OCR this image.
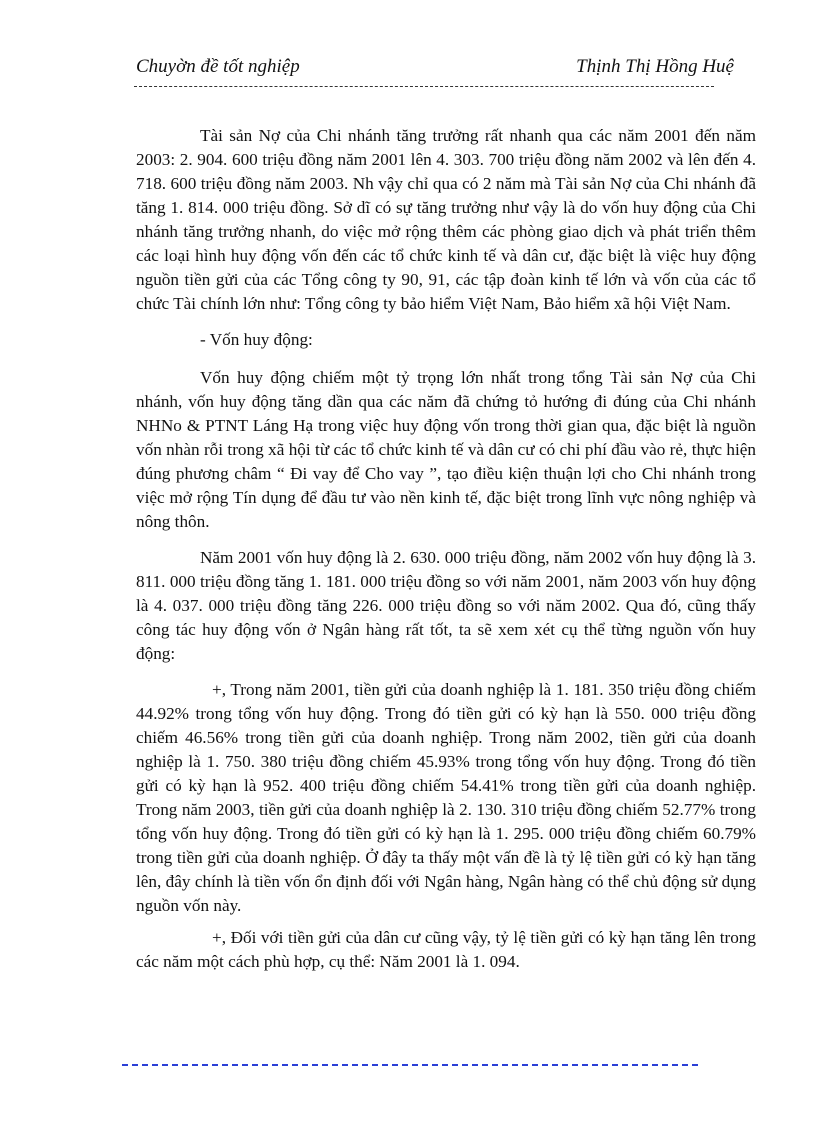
Chuyờn đề tốt nghiệp	Thịnh Thị Hồng Huệ

Tài sản Nợ của Chi nhánh tăng trưởng rất nhanh qua các năm 2001 đến năm 2003: 2. 904. 600 triệu đồng năm 2001 lên 4. 303. 700 triệu đồng năm 2002 và lên đến 4. 718. 600 triệu đồng năm 2003. Nh vậy chỉ qua có 2 năm mà Tài sản Nợ của Chi nhánh đã tăng 1. 814. 000 triệu đồng. Sở dĩ có sự tăng trưởng như vậy là do vốn huy động của Chi nhánh tăng trưởng nhanh, do việc mở rộng thêm các phòng giao dịch và phát triển thêm các loại hình huy động vốn đến các tổ chức kinh tế và dân cư, đặc biệt là việc huy động nguồn tiền gửi của các Tổng công ty 90, 91, các tập đoàn kinh tế lớn và vốn của các tổ chức Tài chính lớn như: Tổng công ty bảo hiểm Việt Nam, Bảo hiểm xã hội Việt Nam.

- Vốn huy động:

Vốn huy động chiếm một tỷ trọng lớn nhất trong tổng Tài sản Nợ của Chi nhánh, vốn huy động tăng dần qua các năm đã chứng tỏ hướng đi đúng của Chi nhánh NHNo & PTNT Láng Hạ trong việc huy động vốn trong thời gian qua, đặc biệt là nguồn vốn nhàn rỗi trong xã hội từ các tổ chức kinh tế và dân cư có chi phí đầu vào rẻ, thực hiện đúng phương châm “ Đi vay để Cho vay ”, tạo điều kiện thuận lợi cho Chi nhánh trong việc mở rộng Tín dụng để đầu tư vào nền kinh tế, đặc biệt trong lĩnh vực nông nghiệp và nông thôn.

Năm 2001 vốn huy động là 2. 630. 000 triệu đồng, năm 2002 vốn huy động là 3. 811. 000 triệu đồng tăng 1. 181. 000 triệu đồng so với năm 2001, năm 2003 vốn huy động là 4. 037. 000 triệu đồng tăng 226. 000 triệu đồng so với năm 2002. Qua đó, cũng thấy công tác huy động vốn ở Ngân hàng rất tốt, ta sẽ xem xét cụ thể từng nguồn vốn huy động:

+, Trong năm 2001, tiền gửi của doanh nghiệp là 1. 181. 350 triệu đồng chiếm 44.92% trong tổng vốn huy động. Trong đó tiền gửi có kỳ hạn là 550. 000 triệu đồng chiếm 46.56% trong tiền gửi của doanh nghiệp. Trong năm 2002, tiền gửi của doanh nghiệp là 1. 750. 380 triệu đồng chiếm 45.93% trong tổng vốn huy động. Trong đó tiền gửi có kỳ hạn là 952. 400 triệu đồng chiếm 54.41% trong tiền gửi của doanh nghiệp. Trong năm 2003, tiền gửi của doanh nghiệp là 2. 130. 310 triệu đồng chiếm 52.77% trong tổng vốn huy động. Trong đó tiền gửi có kỳ hạn là 1. 295. 000 triệu đồng chiếm 60.79% trong tiền gửi của doanh nghiệp. Ở đây ta thấy một vấn đề là tỷ lệ tiền gửi có kỳ hạn tăng lên, đây chính là tiền vốn ổn định đối với Ngân hàng, Ngân hàng có thể chủ động sử dụng nguồn vốn này.

+, Đối với tiền gửi của dân cư cũng vậy, tỷ lệ tiền gửi có kỳ hạn tăng lên trong các năm một cách phù hợp, cụ thể: Năm 2001 là 1. 094.
